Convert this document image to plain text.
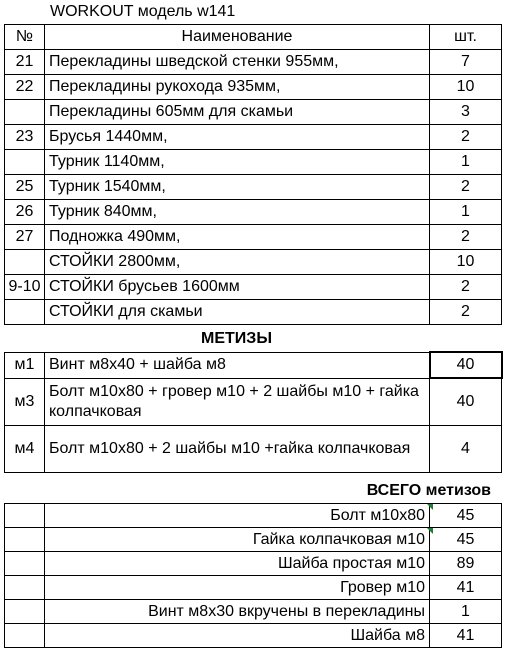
WORKOUT модель w141
№	Наименование	шт.
21	Перекладины шведской стенки 955мм,	7
22	Перекладины рукохода 935мм,	10
	Перекладины 605мм для скамьи	3
23	Брусья 1440мм,	2
	Турник 1140мм,	1
25	Турник 1540мм,	2
26	Турник 840мм,	1
27	Подножка 490мм,	2
	СТОЙКИ 2800мм,	10
9-10	СТОЙКИ брусьев 1600мм	2
	СТОЙКИ для скамьи	2
МЕТИЗЫ
м1	Винт м8х40 + шайба м8	40
м3	Болт м10х80 + гровер м10 + 2 шайбы м10 + гайка колпачковая	40
м4	Болт м10х80 + 2 шайбы м10 +гайка колпачковая	4
ВСЕГО метизов
	Болт м10х80	45
	Гайка колпачковая м10	45
	Шайба простая м10	89
	Гровер м10	41
	Винт м8х30 вкручены в перекладины	1
	Шайба м8	41
